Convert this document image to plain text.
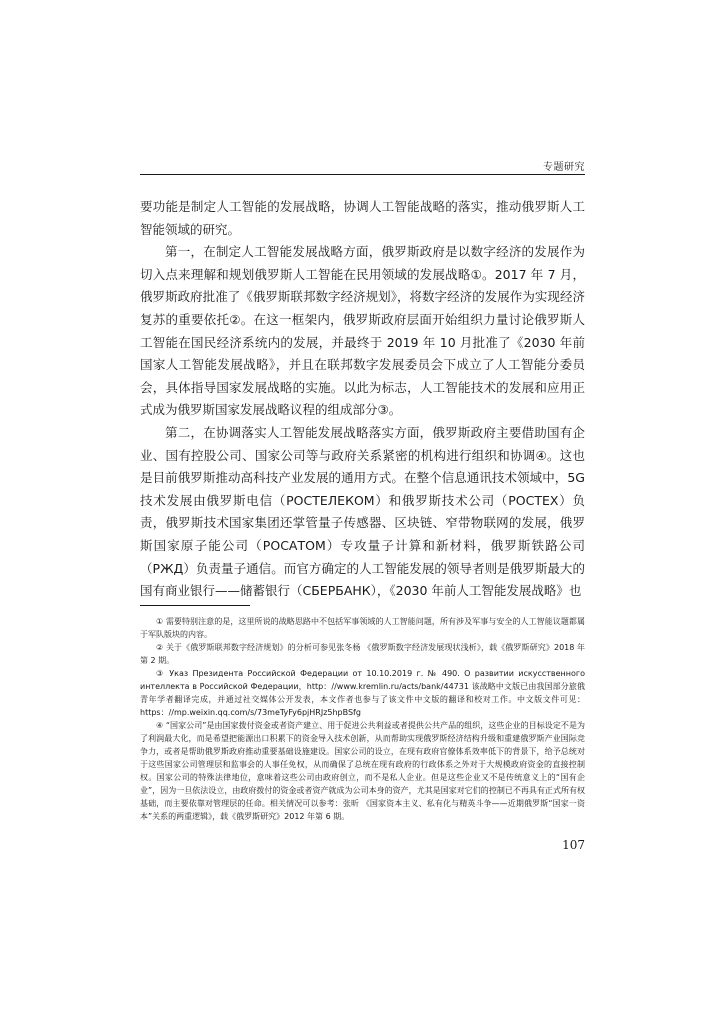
专题研究

要功能是制定人工智能的发展战略，协调人工智能战略的落实，推动俄罗斯人工智能领域的研究。

第一，在制定人工智能发展战略方面，俄罗斯政府是以数字经济的发展作为切入点来理解和规划俄罗斯人工智能在民用领域的发展战略①。2017 年 7 月，俄罗斯政府批准了《俄罗斯联邦数字经济规划》，将数字经济的发展作为实现经济复苏的重要依托②。在这一框架内，俄罗斯政府层面开始组织力量讨论俄罗斯人工智能在国民经济系统内的发展，并最终于 2019 年 10 月批准了《2030 年前国家人工智能发展战略》，并且在联邦数字发展委员会下成立了人工智能分委员会，具体指导国家发展战略的实施。以此为标志，人工智能技术的发展和应用正式成为俄罗斯国家发展战略议程的组成部分③。

第二，在协调落实人工智能发展战略落实方面，俄罗斯政府主要借助国有企业、国有控股公司、国家公司等与政府关系紧密的机构进行组织和协调④。这也是目前俄罗斯推动高科技产业发展的通用方式。在整个信息通讯技术领域中，5G 技术发展由俄罗斯电信（РОСТЕЛЕКОМ）和俄罗斯技术公司（РОСТЕХ）负责，俄罗斯技术国家集团还掌管量子传感器、区块链、窄带物联网的发展，俄罗斯国家原子能公司（РОСАТОМ）专攻量子计算和新材料，俄罗斯铁路公司（РЖД）负责量子通信。而官方确定的人工智能发展的领导者则是俄罗斯最大的国有商业银行——储蓄银行（СБЕРБАНК），《2030 年前人工智能发展战略》也

① 需要特别注意的是，这里所说的战略思路中不包括军事领域的人工智能问题，所有涉及军事与安全的人工智能议题都属于军队版块的内容。

② 关于《俄罗斯联邦数字经济规划》的分析可参见张冬杨 《俄罗斯数字经济发展现状浅析》，载《俄罗斯研究》2018 年第 2 期。

③ Указ Президента Российской Федерации от 10.10.2019 г. № 490. О развитии искусственного интеллекта в Российской Федерации，http：//www.kremlin.ru/acts/bank/44731 该战略中文版已由我国部分旅俄青年学者翻译完成，并通过社交媒体公开发表，本文作者也参与了该文件中文版的翻译和校对工作。中文版文件可见：https：//mp.weixin.qq.com/s/73meTyFy6pjHRJz5hpBSfg

④ “国家公司”是由国家拨付资金或者资产建立、用于促进公共利益或者提供公共产品的组织，这些企业的目标设定不是为了利润最大化，而是希望把能源出口积累下的资金导入技术创新，从而帮助实现俄罗斯经济结构升级和重建俄罗斯产业国际竞争力，或者是帮助俄罗斯政府推动重要基础设施建设。国家公司的设立，在现有政府官僚体系效率低下的背景下，给予总统对于这些国家公司管理层和监事会的人事任免权，从而确保了总统在现有政府的行政体系之外对于大规模政府资金的直接控制权。国家公司的特殊法律地位，意味着这些公司由政府创立，而不是私人企业。但是这些企业又不是传统意义上的“国有企业”，因为一旦依法设立，由政府拨付的资金或者资产就成为公司本身的资产，尤其是国家对它们的控制已不再具有正式所有权基础，而主要依靠对管理层的任命。相关情况可以参考：张昕 《国家资本主义、私有化与精英斗争——近期俄罗斯“国家一资本”关系的两重逻辑》，载《俄罗斯研究》2012 年第 6 期。

107
